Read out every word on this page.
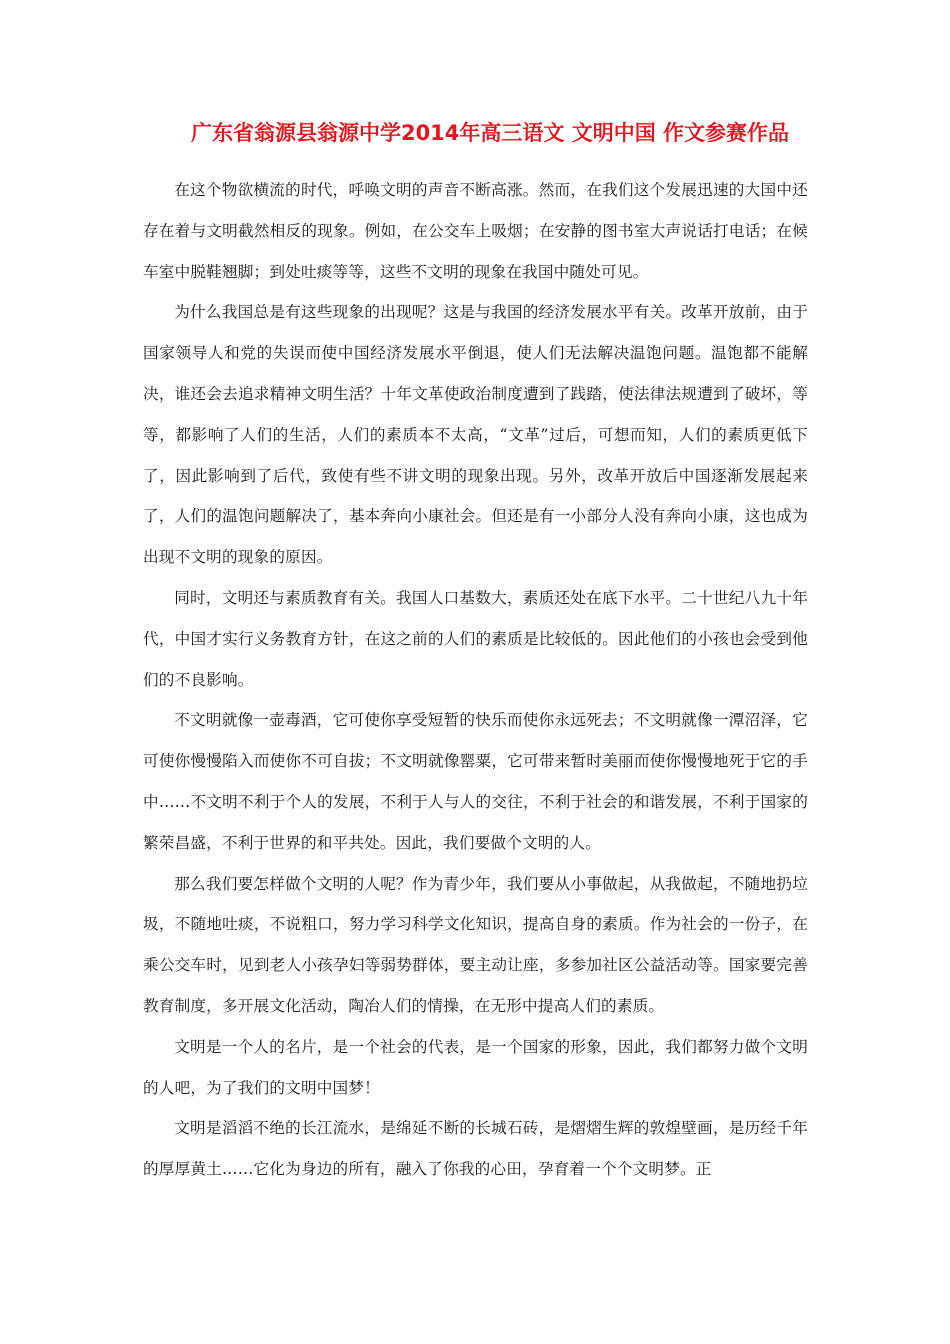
广东省翁源县翁源中学2014年高三语文 文明中国 作文参赛作品

在这个物欲横流的时代，呼唤文明的声音不断高涨。然而，在我们这个发展迅速的大国中还存在着与文明截然相反的现象。例如，在公交车上吸烟；在安静的图书室大声说话打电话；在候车室中脱鞋翘脚；到处吐痰等等，这些不文明的现象在我国中随处可见。

为什么我国总是有这些现象的出现呢？这是与我国的经济发展水平有关。改革开放前，由于国家领导人和党的失误而使中国经济发展水平倒退，使人们无法解决温饱问题。温饱都不能解决，谁还会去追求精神文明生活？十年文革使政治制度遭到了践踏，使法律法规遭到了破坏，等等，都影响了人们的生活，人们的素质本不太高，“文革”过后，可想而知，人们的素质更低下了，因此影响到了后代，致使有些不讲文明的现象出现。另外，改革开放后中国逐渐发展起来了，人们的温饱问题解决了，基本奔向小康社会。但还是有一小部分人没有奔向小康，这也成为出现不文明的现象的原因。

同时，文明还与素质教育有关。我国人口基数大，素质还处在底下水平。二十世纪八九十年代，中国才实行义务教育方针，在这之前的人们的素质是比较低的。因此他们的小孩也会受到他们的不良影响。

不文明就像一壶毒酒，它可使你享受短暂的快乐而使你永远死去；不文明就像一潭沼泽，它可使你慢慢陷入而使你不可自拔；不文明就像罂粟，它可带来暂时美丽而使你慢慢地死于它的手中……不文明不利于个人的发展，不利于人与人的交往，不利于社会的和谐发展，不利于国家的繁荣昌盛，不利于世界的和平共处。因此，我们要做个文明的人。

那么我们要怎样做个文明的人呢？作为青少年，我们要从小事做起，从我做起，不随地扔垃圾，不随地吐痰，不说粗口，努力学习科学文化知识，提高自身的素质。作为社会的一份子，在乘公交车时，见到老人小孩孕妇等弱势群体，要主动让座，多参加社区公益活动等。国家要完善教育制度，多开展文化活动，陶冶人们的情操，在无形中提高人们的素质。

文明是一个人的名片，是一个社会的代表，是一个国家的形象，因此，我们都努力做个文明的人吧，为了我们的文明中国梦！

文明是滔滔不绝的长江流水，是绵延不断的长城石砖，是熠熠生辉的敦煌壁画，是历经千年的厚厚黄土……它化为身边的所有，融入了你我的心田，孕育着一个个文明梦。正
